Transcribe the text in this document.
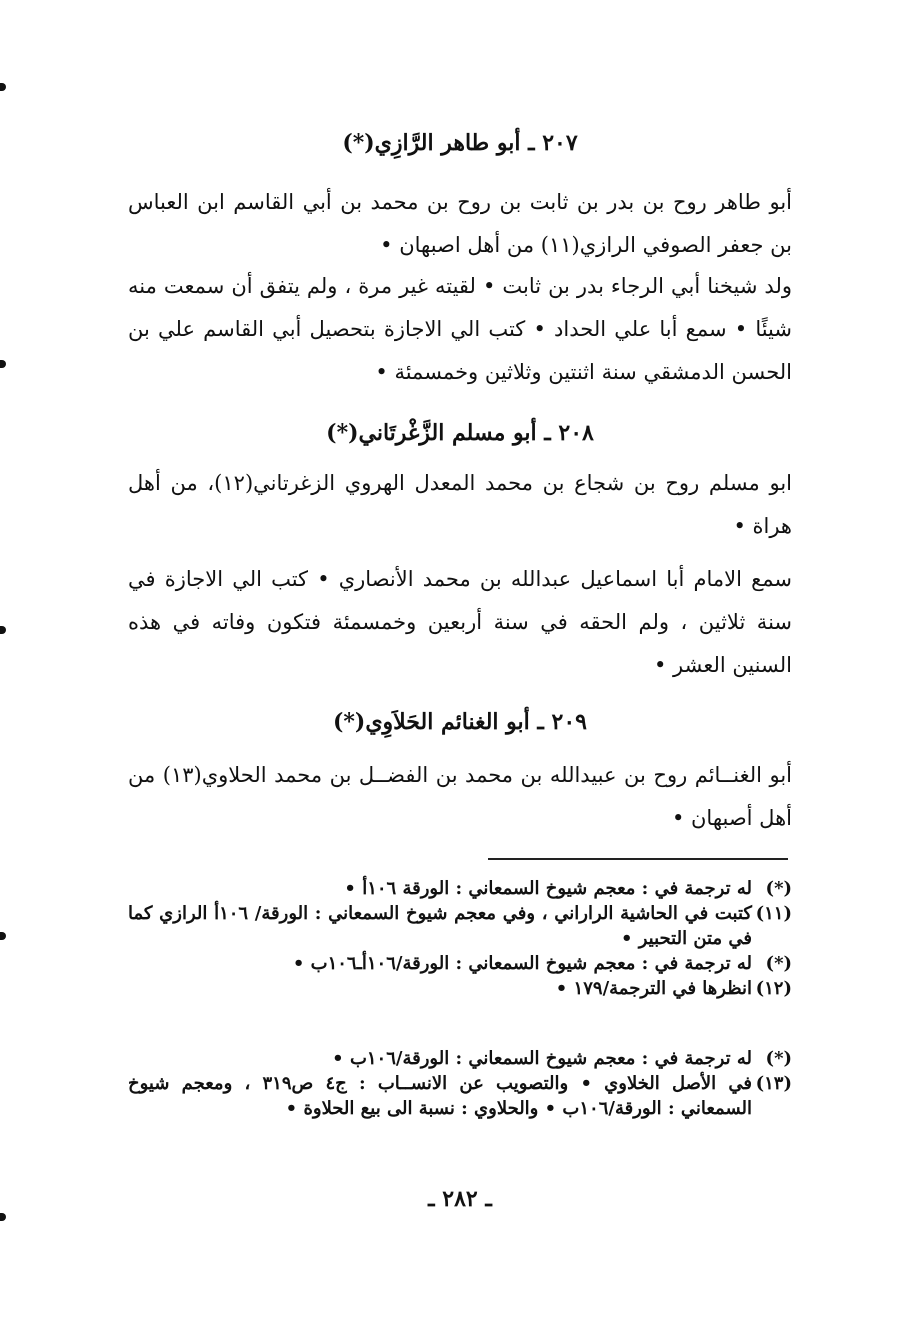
٢٠٧ ـ أبو طاهر الرَّازِي(*)
أبو طاهر روح بن بدر بن ثابت بن روح بن محمد بن أبي القاسم ابن العباس بن جعفر الصوفي الرازي(١١) من أهل اصبهان •
ولد شيخنا أبي الرجاء بدر بن ثابت • لقيته غير مرة ، ولم يتفق أن سمعت منه شيئًا • سمع أبا علي الحداد • كتب الي الاجازة بتحصيل أبي القاسم علي بن الحسن الدمشقي سنة اثنتين وثلاثين وخمسمئة •
٢٠٨ ـ أبو مسلم الزَّغْرتَاني(*)
ابو مسلم روح بن شجاع بن محمد المعدل الهروي الزغرتاني(١٢)، من أهل هراة •
سمع الامام أبا اسماعيل عبدالله بن محمد الأنصاري • كتب الي الاجازة في سنة ثلاثين ، ولم الحقه في سنة أربعين وخمسمئة فتكون وفاته في هذه السنين العشر •
٢٠٩ ـ أبو الغنائم الحَلاَوِي(*)
أبو الغنــائم روح بن عبيدالله بن محمد بن الفضــل بن محمد الحلاوي(١٣) من أهل أصبهان •
(*)
له ترجمة في : معجم شيوخ السمعاني : الورقة ١٠٦أ •
(١١)
كتبت في الحاشية الراراني ، وفي معجم شيوخ السمعاني : الورقة/ ١٠٦أ الرازي كما في متن التحبير •
(*)
له ترجمة في : معجم شيوخ السمعاني : الورقة/١٠٦أـ١٠٦ب •
(١٢)
انظرها في الترجمة/١٧٩ •
(*)
له ترجمة في : معجم شيوخ السمعاني : الورقة/١٠٦ب •
(١٣)
في الأصل الخلاوي • والتصويب عن الانســاب : ج٤ ص٣١٩ ، ومعجم شيوخ السمعاني : الورقة/١٠٦ب • والحلاوي : نسبة الى بيع الحلاوة •
ـ ٢٨٢ ـ
